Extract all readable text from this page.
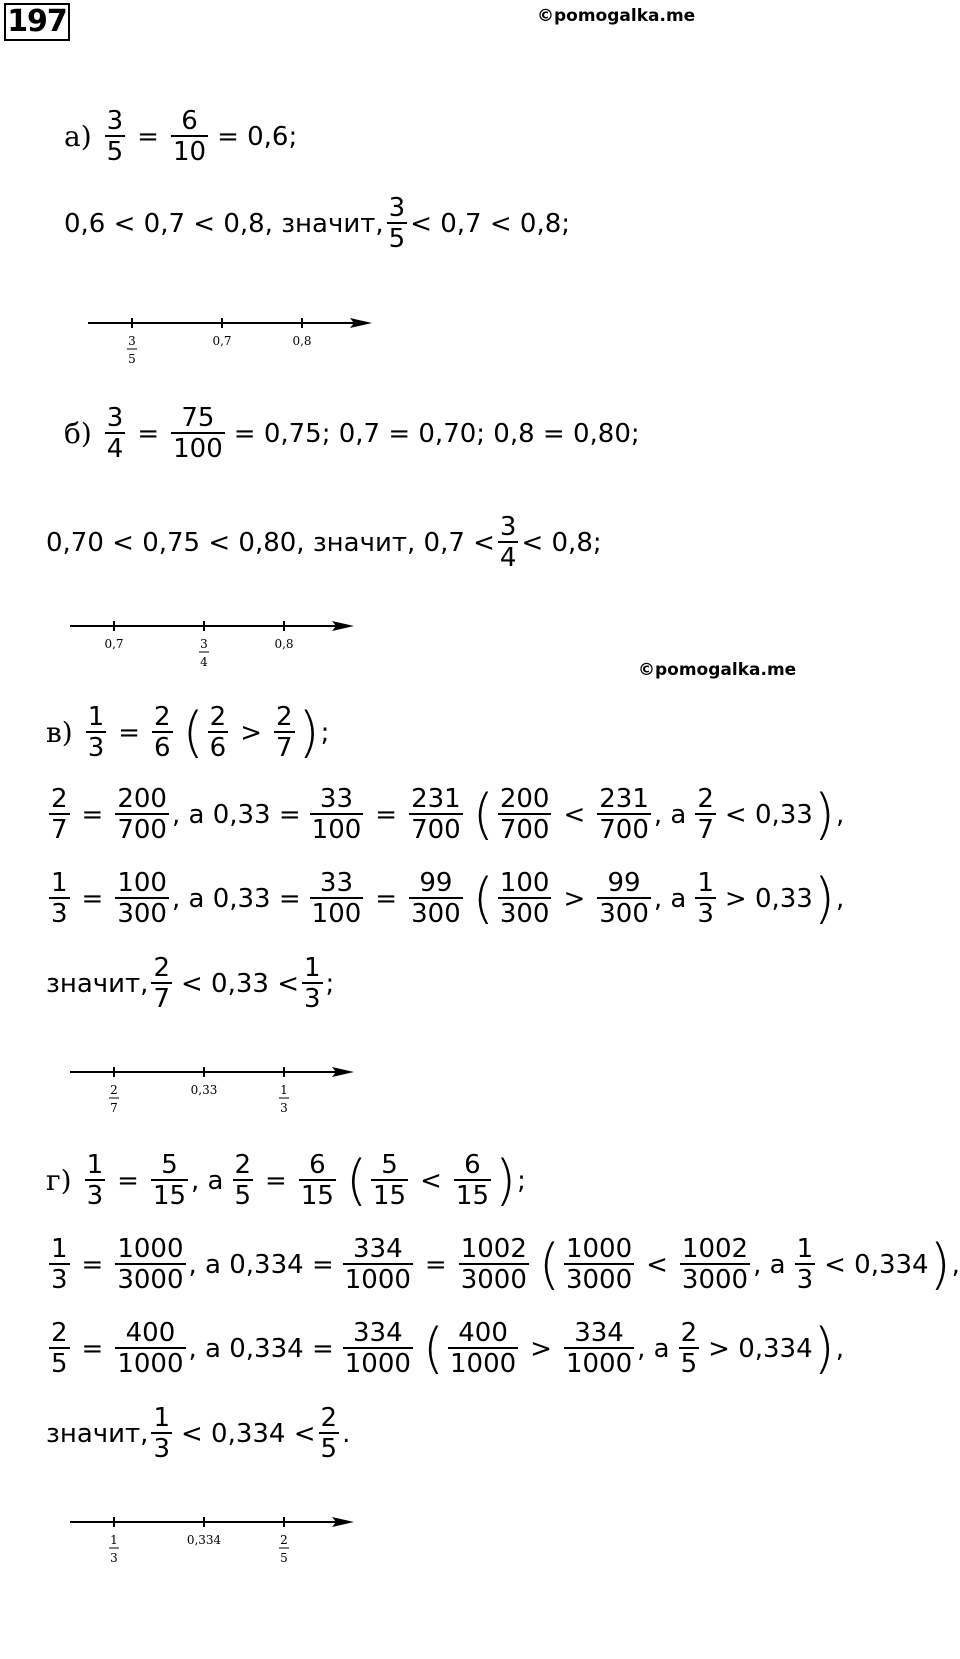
197	©pomogalka.me
$а) \frac{3}{5} = \frac{6}{10} = 0,6$;
0,6 < 0,7 < 0,8, значит, $\frac{3}{5} < 0,7 < 0,8$;
3
5
0,7	0,8
$б) \frac{3}{4} = \frac{75}{100} = 0,75$; 0,7 = 0,70; 0,8 = 0,80;
0,70 < 0,75 < 0,80, значит, $0,7 < \frac{3}{4} < 0,8$;
0,7	3
4
0,8
©pomogalka.me
$в) \frac{1}{3} = \frac{2}{6}$ ( $\frac{2}{6} > \frac{2}{7}$ ) ;
$\frac{2}{7} = \frac{200}{700}$ , а $0,33 = \frac{33}{100} = \frac{231}{700}$ ( $\frac{200}{700} < \frac{231}{700}$ , а $\frac{2}{7} < 0,33$ ) ,
$\frac{1}{3} = \frac{100}{300}$ , а $0,33 = \frac{33}{100} = \frac{99}{300}$ ( $\frac{100}{300} > \frac{99}{300}$ , а $\frac{1}{3} > 0,33$ ) ,
значит, $\frac{2}{7} < 0,33 < \frac{1}{3}$ ;
2
7
0,33	1
3
$г) \frac{1}{3} = \frac{5}{15}$ , а $\frac{2}{5} = \frac{6}{15}$ ( $\frac{5}{15} < \frac{6}{15}$ ) ;
$\frac{1}{3} = \frac{1000}{3000}$ , а $0,334 = \frac{334}{1000} = \frac{1002}{3000}$ ( $\frac{1000}{3000} < \frac{1002}{3000}$ , а $\frac{1}{3} < 0,334$ ) ,
$\frac{2}{5} = \frac{400}{1000}$ , а $0,334 = \frac{334}{1000}$ ( $\frac{400}{1000} > \frac{334}{1000}$ , а $\frac{2}{5} > 0,334$ ) ,
значит, $\frac{1}{3} < 0,334 < \frac{2}{5}$ .
1
3
0,334	2
5
